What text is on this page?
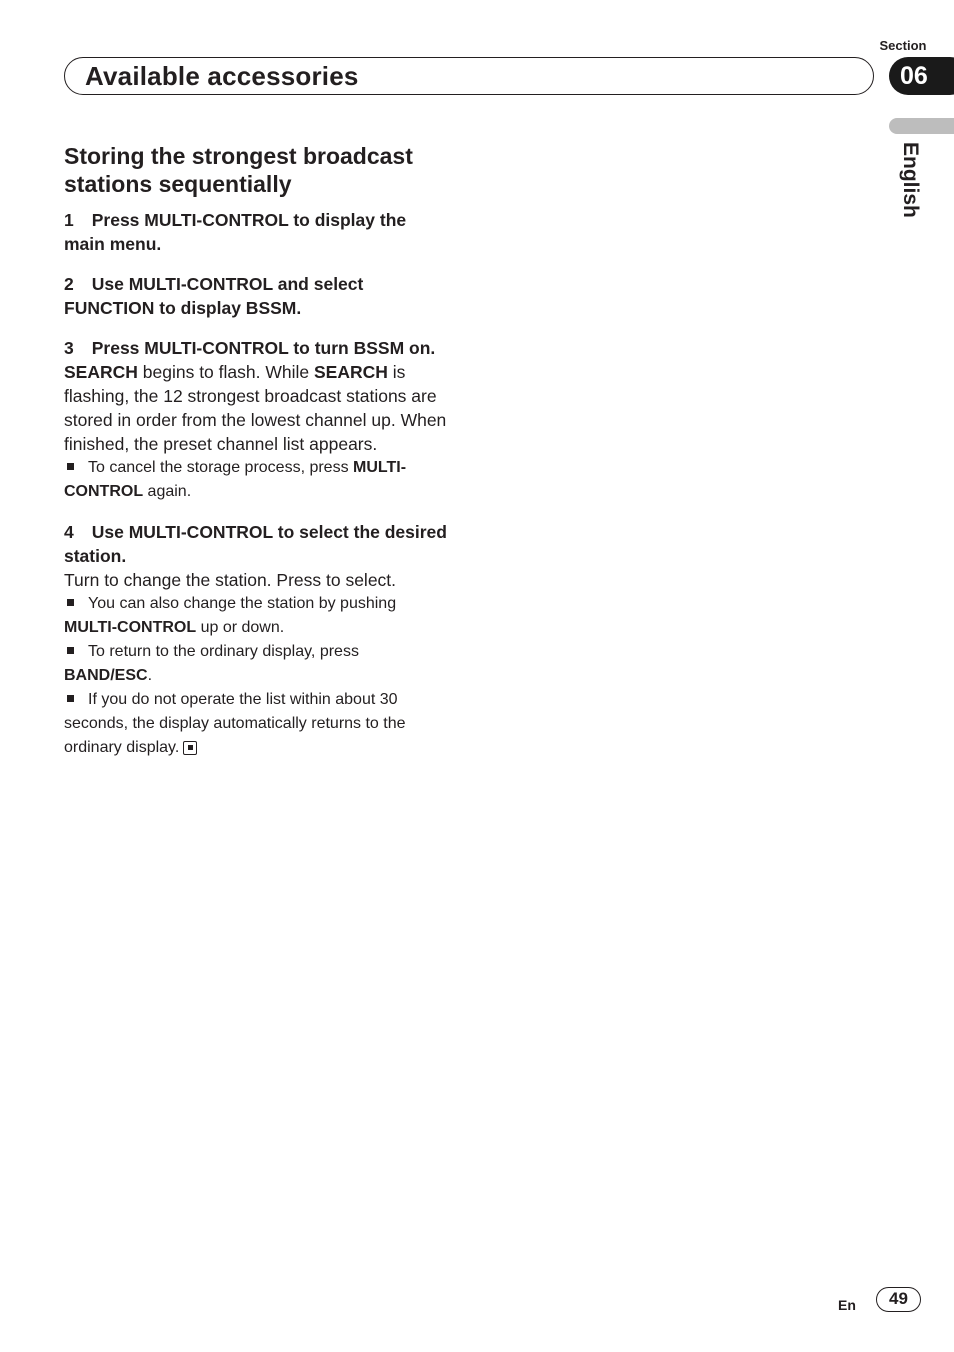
Section
Available accessories	06
English

Storing the strongest broadcast stations sequentially

1 Press MULTI-CONTROL to display the main menu.

2 Use MULTI-CONTROL and select FUNCTION to display BSSM.

3 Press MULTI-CONTROL to turn BSSM on.

SEARCH begins to flash. While SEARCH is flashing, the 12 strongest broadcast stations are stored in order from the lowest channel up. When finished, the preset channel list appears.

To cancel the storage process, press MULTI-CONTROL again.

4 Use MULTI-CONTROL to select the desired station.

Turn to change the station. Press to select.

You can also change the station by pushing MULTI-CONTROL up or down.

To return to the ordinary display, press BAND/ESC.

If you do not operate the list within about 30 seconds, the display automatically returns to the ordinary display.

En	49
